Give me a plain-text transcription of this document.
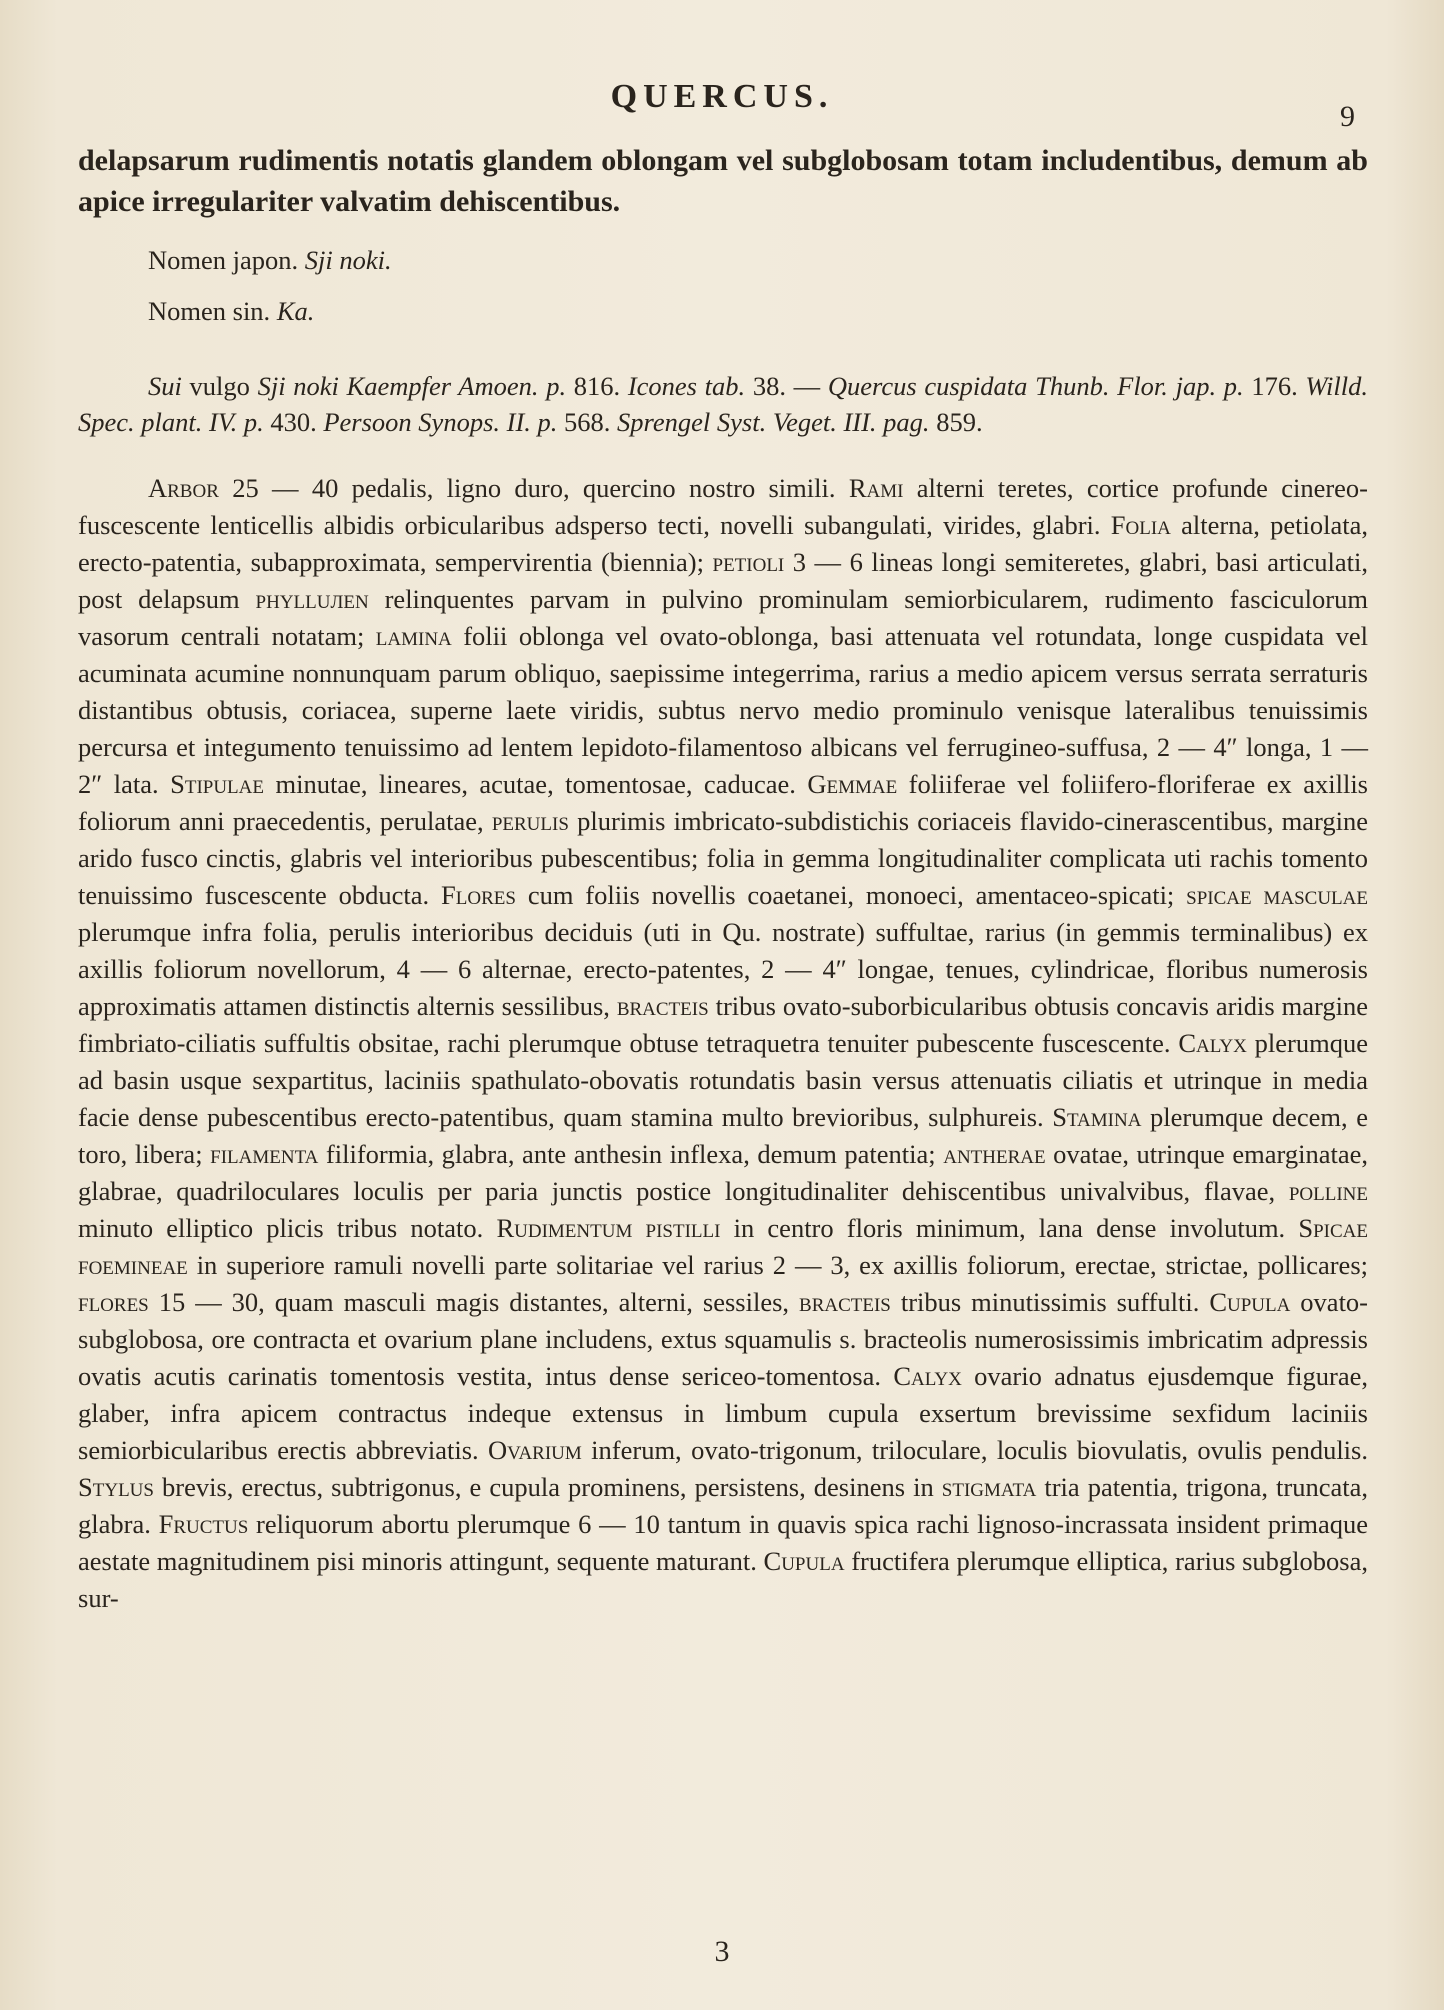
QUERCUS.
9

delapsarum rudimentis notatis glandem oblongam vel subglobosam totam includentibus, demum ab apice irregulariter valvatim dehiscentibus.

Nomen japon. Sji noki.

Nomen sin. Ka.

Sui vulgo Sji noki Kaempfer Amoen. p. 816. Icones tab. 38. — Quercus cuspidata Thunb. Flor. jap. p. 176. Willd. Spec. plant. IV. p. 430. Persoon Synops. II. p. 568. Sprengel Syst. Veget. III. pag. 859.

Arbor 25 — 40 pedalis, ligno duro, quercino nostro simili. Rami alterni teretes, cortice profunde cinereo-fuscescente lenticellis albidis orbicularibus adsperso tecti, novelli subangulati, virides, glabri. Folia alterna, petiolata, erecto-patentia, subapproximata, sempervirentia (biennia); petioli 3 — 6 lineas longi semiteretes, glabri, basi articulati, post delapsum phylluлen relinquentes parvam in pulvino prominulam semiorbicularem, rudimento fasciculorum vasorum centrali notatam; lamina folii oblonga vel ovato-oblonga, basi attenuata vel rotundata, longe cuspidata vel acuminata acumine nonnunquam parum obliquo, saepissime integerrima, rarius a medio apicem versus serrata serraturis distantibus obtusis, coriacea, superne laete viridis, subtus nervo medio prominulo venisque lateralibus tenuissimis percursa et integumento tenuissimo ad lentem lepidoto-filamentoso albicans vel ferrugineo-suffusa, 2 — 4″ longa, 1 — 2″ lata. Stipulae minutae, lineares, acutae, tomentosae, caducae. Gemmae foliiferae vel foliifero-floriferae ex axillis foliorum anni praecedentis, perulatae, perulis plurimis imbricato-subdistichis coriaceis flavido-cinerascentibus, margine arido fusco cinctis, glabris vel interioribus pubescentibus; folia in gemma longitudinaliter complicata uti rachis tomento tenuissimo fuscescente obducta. Flores cum foliis novellis coaetanei, monoeci, amentaceo-spicati; spicae masculae plerumque infra folia, perulis interioribus deciduis (uti in Qu. nostrate) suffultae, rarius (in gemmis terminalibus) ex axillis foliorum novellorum, 4 — 6 alternae, erecto-patentes, 2 — 4″ longae, tenues, cylindricae, floribus numerosis approximatis attamen distinctis alternis sessilibus, bracteis tribus ovato-suborbicularibus obtusis concavis aridis margine fimbriato-ciliatis suffultis obsitae, rachi plerumque obtuse tetraquetra tenuiter pubescente fuscescente. Calyx plerumque ad basin usque sexpartitus, laciniis spathulato-obovatis rotundatis basin versus attenuatis ciliatis et utrinque in media facie dense pubescentibus erecto-patentibus, quam stamina multo brevioribus, sulphureis. Stamina plerumque decem, e toro, libera; filamenta filiformia, glabra, ante anthesin inflexa, demum patentia; antherae ovatae, utrinque emarginatae, glabrae, quadriloculares loculis per paria junctis postice longitudinaliter dehiscentibus univalvibus, flavae, polline minuto elliptico plicis tribus notato. Rudimentum pistilli in centro floris minimum, lana dense involutum. Spicae foemineae in superiore ramuli novelli parte solitariae vel rarius 2 — 3, ex axillis foliorum, erectae, strictae, pollicares; flores 15 — 30, quam masculi magis distantes, alterni, sessiles, bracteis tribus minutissimis suffulti. Cupula ovato-subglobosa, ore contracta et ovarium plane includens, extus squamulis s. bracteolis numerosissimis imbricatim adpressis ovatis acutis carinatis tomentosis vestita, intus dense sericeo-tomentosa. Calyx ovario adnatus ejusdemque figurae, glaber, infra apicem contractus indeque extensus in limbum cupula exsertum brevissime sexfidum laciniis semiorbicularibus erectis abbreviatis. Ovarium inferum, ovato-trigonum, triloculare, loculis biovulatis, ovulis pendulis. Stylus brevis, erectus, subtrigonus, e cupula prominens, persistens, desinens in stigmata tria patentia, trigona, truncata, glabra. Fructus reliquorum abortu plerumque 6 — 10 tantum in quavis spica rachi lignoso-incrassata insident primaque aestate magnitudinem pisi minoris attingunt, sequente maturant. Cupula fructifera plerumque elliptica, rarius subglobosa, sur-

3
